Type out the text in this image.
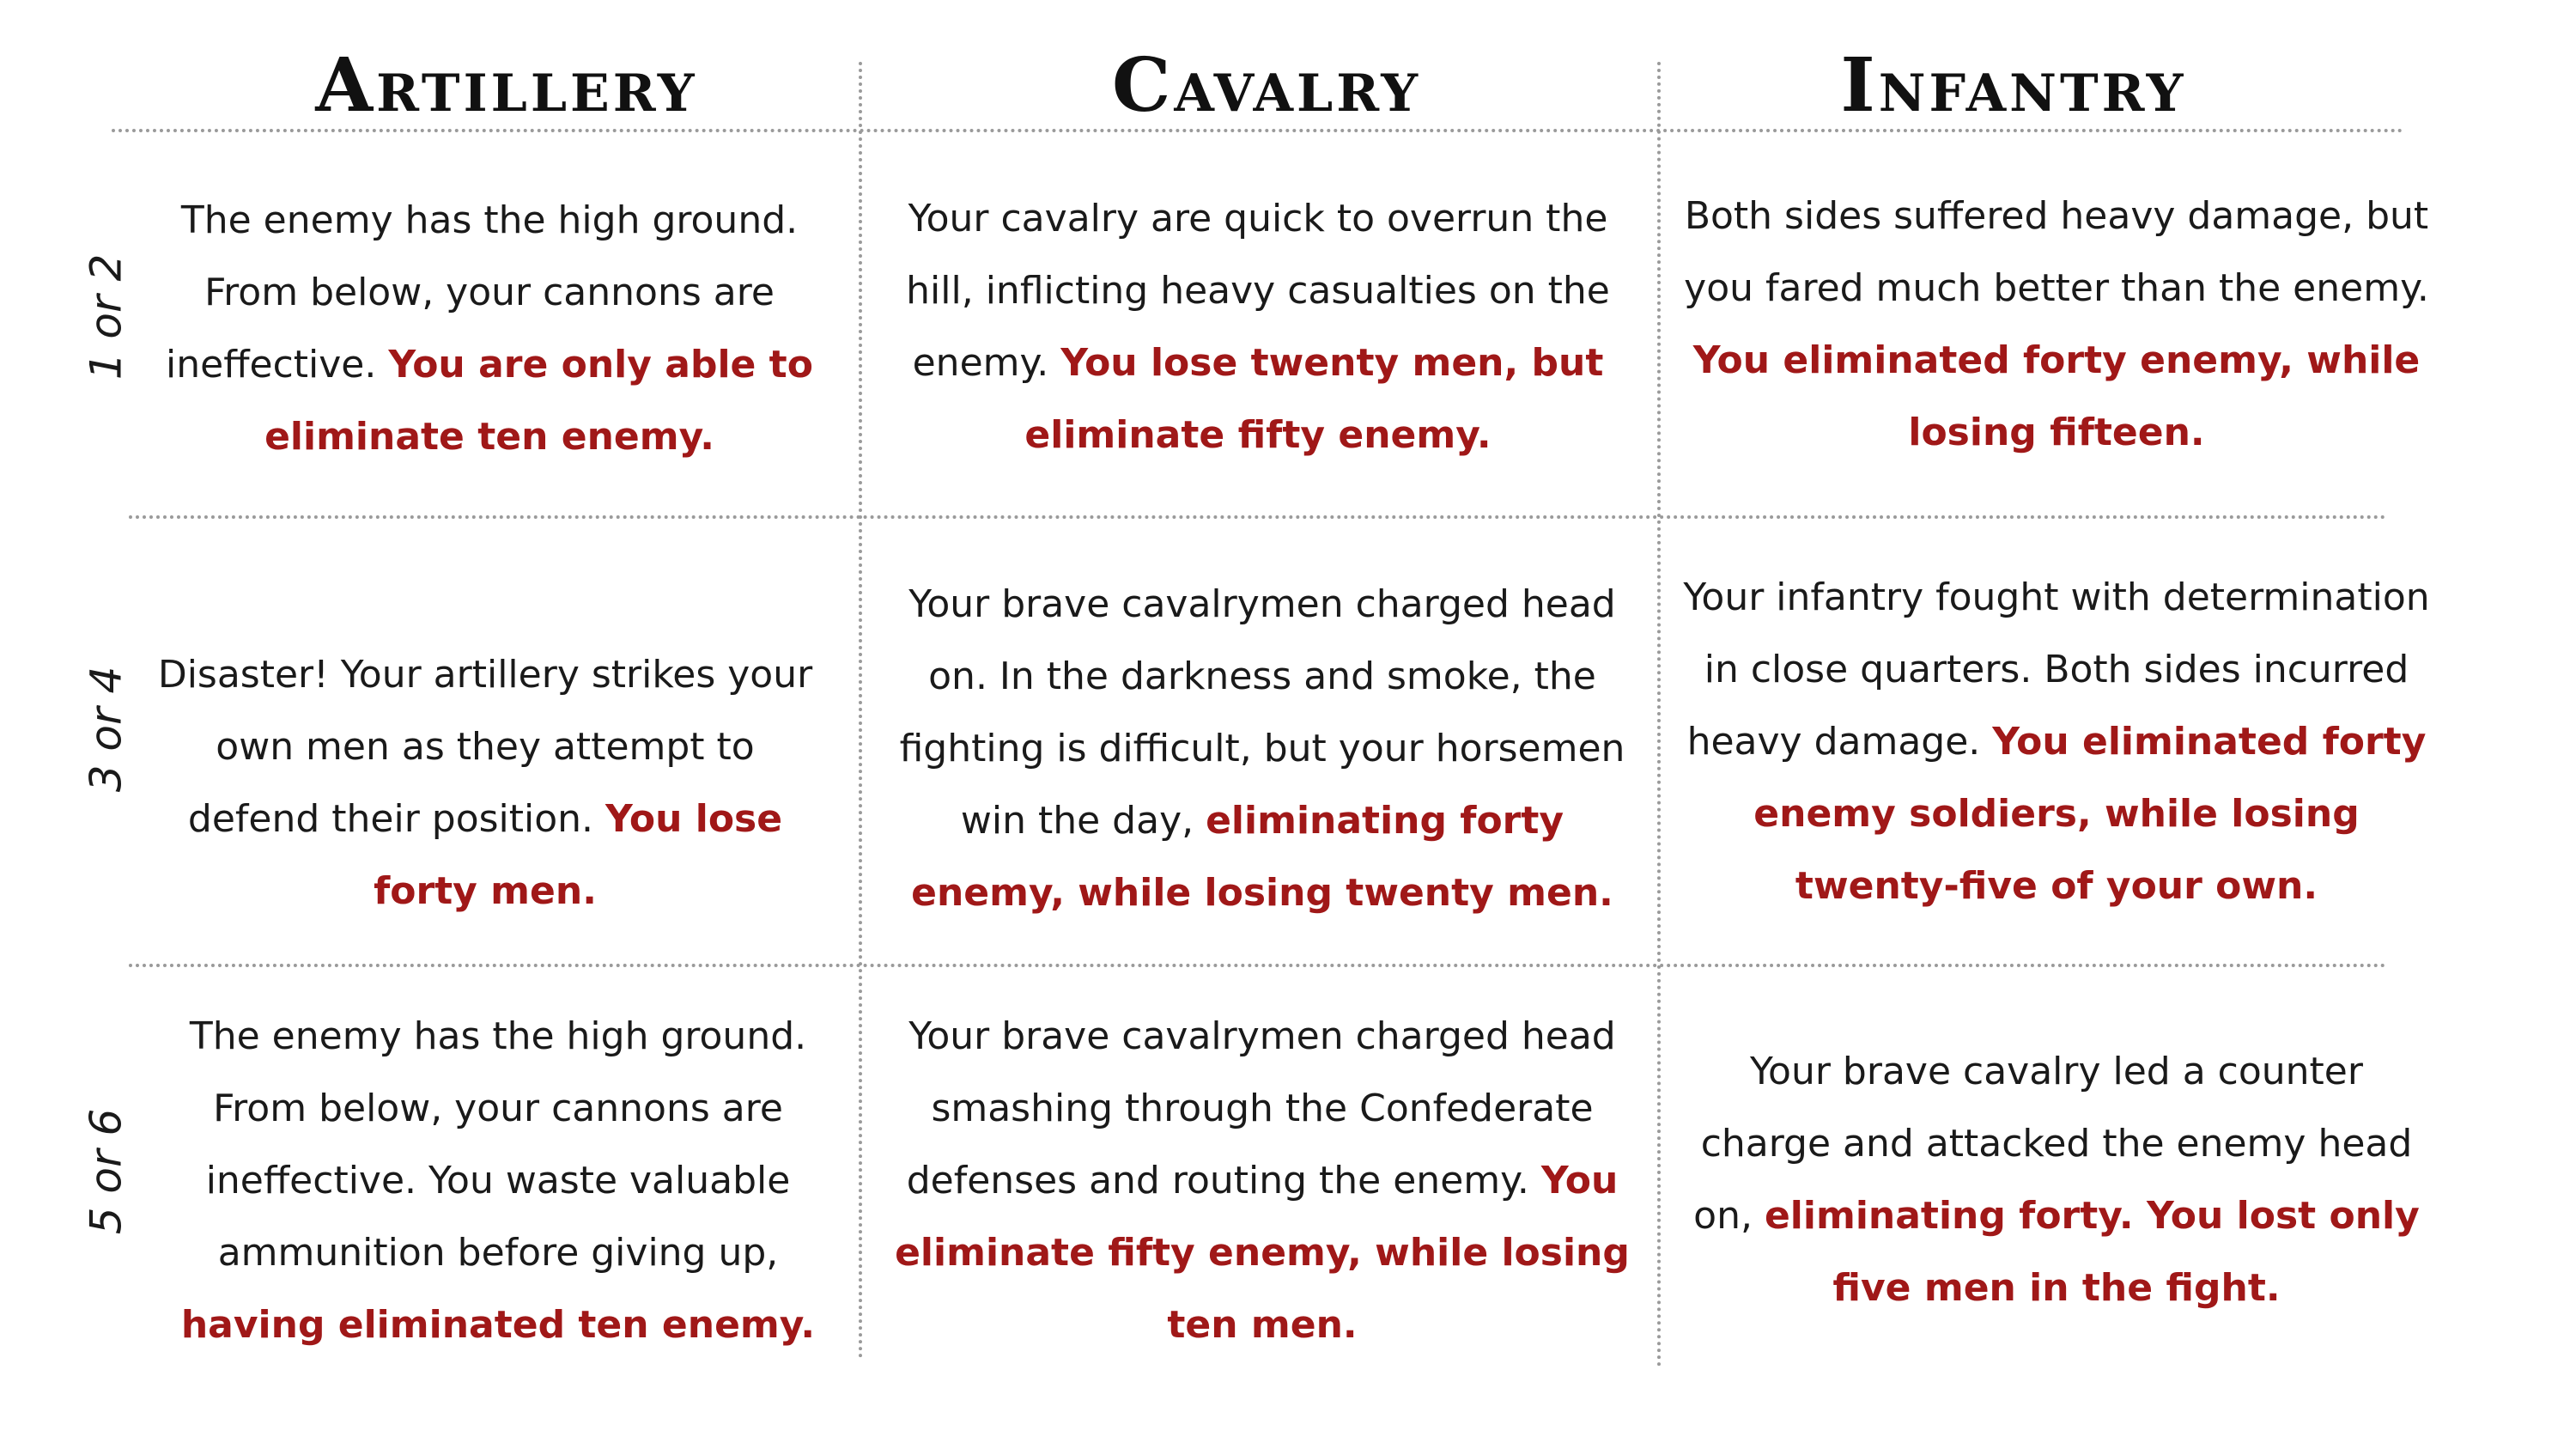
Artillery	Cavalry	Infantry
1 or 2
3 or 4
5 or 6
The enemy has the high ground. From below, your cannons are ineffective. You are only able to eliminate ten enemy.
Your cavalry are quick to overrun the hill, inflicting heavy casualties on the enemy. You lose twenty men, but eliminate fifty enemy.
Both sides suffered heavy damage, but you fared much better than the enemy. You eliminated forty enemy, while losing fifteen.
Disaster! Your artillery strikes your own men as they attempt to defend their position. You lose forty men.
Your brave cavalrymen charged head on. In the darkness and smoke, the fighting is difficult, but your horsemen win the day, eliminating forty enemy, while losing twenty men.
Your infantry fought with determination in close quarters. Both sides incurred heavy damage. You eliminated forty enemy soldiers, while losing twenty-five of your own.
The enemy has the high ground. From below, your cannons are ineffective. You waste valuable ammunition before giving up, having eliminated ten enemy.
Your brave cavalrymen charged head smashing through the Confederate defenses and routing the enemy. You eliminate fifty enemy, while losing ten men.
Your brave cavalry led a counter charge and attacked the enemy head on, eliminating forty. You lost only five men in the fight.
